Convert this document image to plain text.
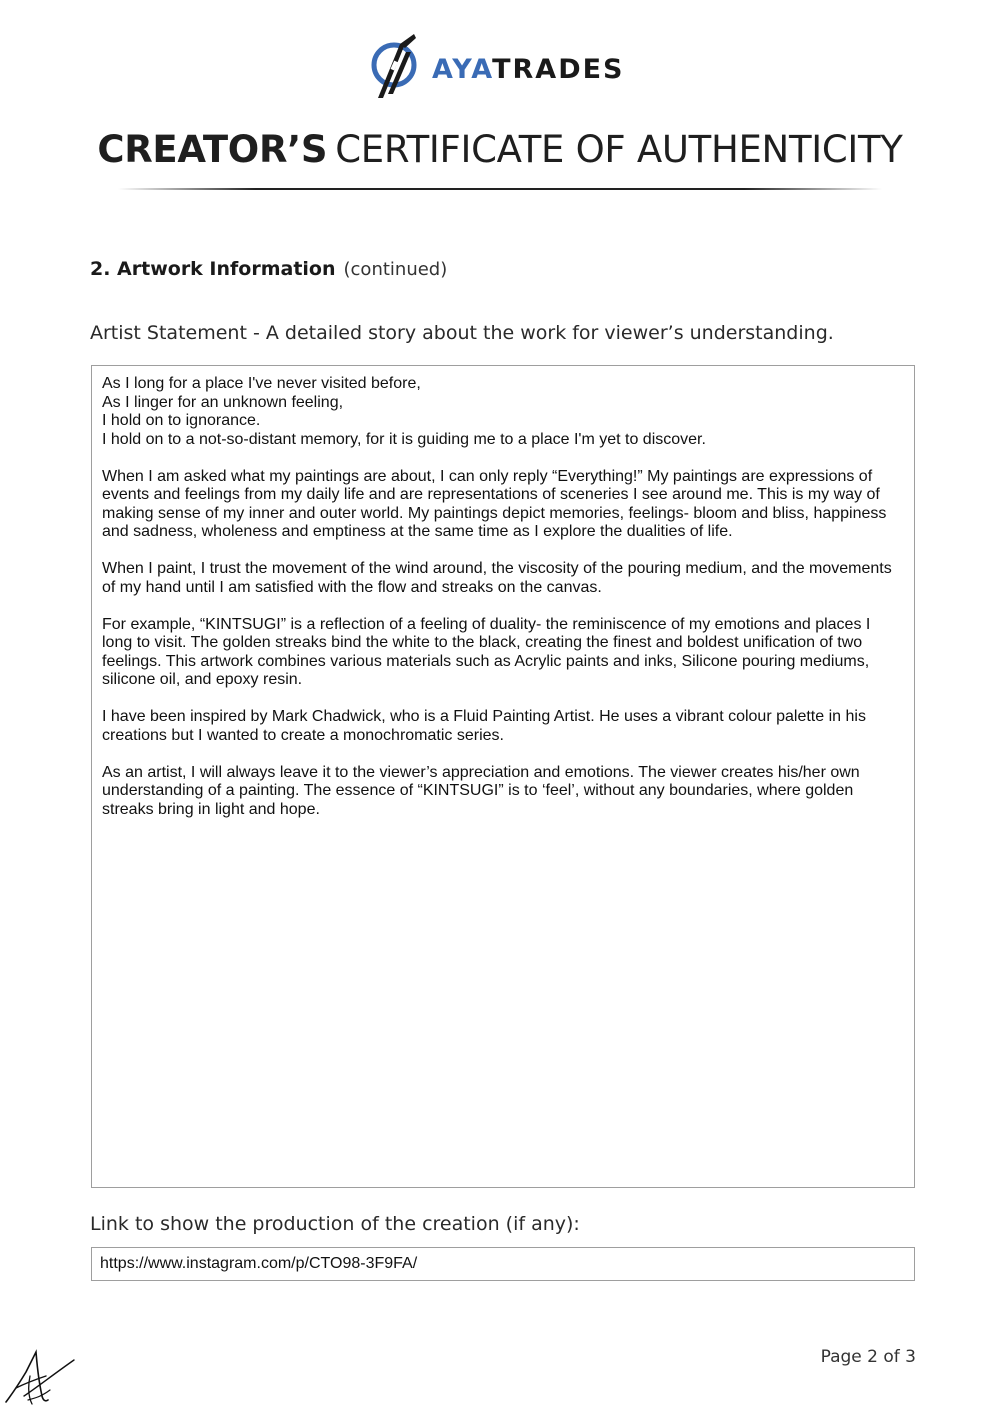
AYATRADES
CREATOR’S CERTIFICATE OF AUTHENTICITY
2. Artwork Information (continued)
Artist Statement - A detailed story about the work for viewer’s understanding.

As I long for a place I've never visited before,
As I linger for an unknown feeling,
I hold on to ignorance.
I hold on to a not-so-distant memory, for it is guiding me to a place I'm yet to discover.

When I am asked what my paintings are about, I can only reply “Everything!” My paintings are expressions of events and feelings from my daily life and are representations of sceneries I see around me. This is my way of making sense of my inner and outer world. My paintings depict memories, feelings- bloom and bliss, happiness and sadness, wholeness and emptiness at the same time as I explore the dualities of life.

When I paint, I trust the movement of the wind around, the viscosity of the pouring medium, and the movements of my hand until I am satisfied with the flow and streaks on the canvas.

For example, “KINTSUGI” is a reflection of a feeling of duality- the reminiscence of my emotions and places I long to visit. The golden streaks bind the white to the black, creating the finest and boldest unification of two feelings. This artwork combines various materials such as Acrylic paints and inks, Silicone pouring mediums, silicone oil, and epoxy resin.

I have been inspired by Mark Chadwick, who is a Fluid Painting Artist. He uses a vibrant colour palette in his creations but I wanted to create a monochromatic series.

As an artist, I will always leave it to the viewer’s appreciation and emotions. The viewer creates his/her own understanding of a painting. The essence of “KINTSUGI” is to ‘feel’, without any boundaries, where golden streaks bring in light and hope.

Link to show the production of the creation (if any):
https://www.instagram.com/p/CTO98-3F9FA/
Page 2 of 3
